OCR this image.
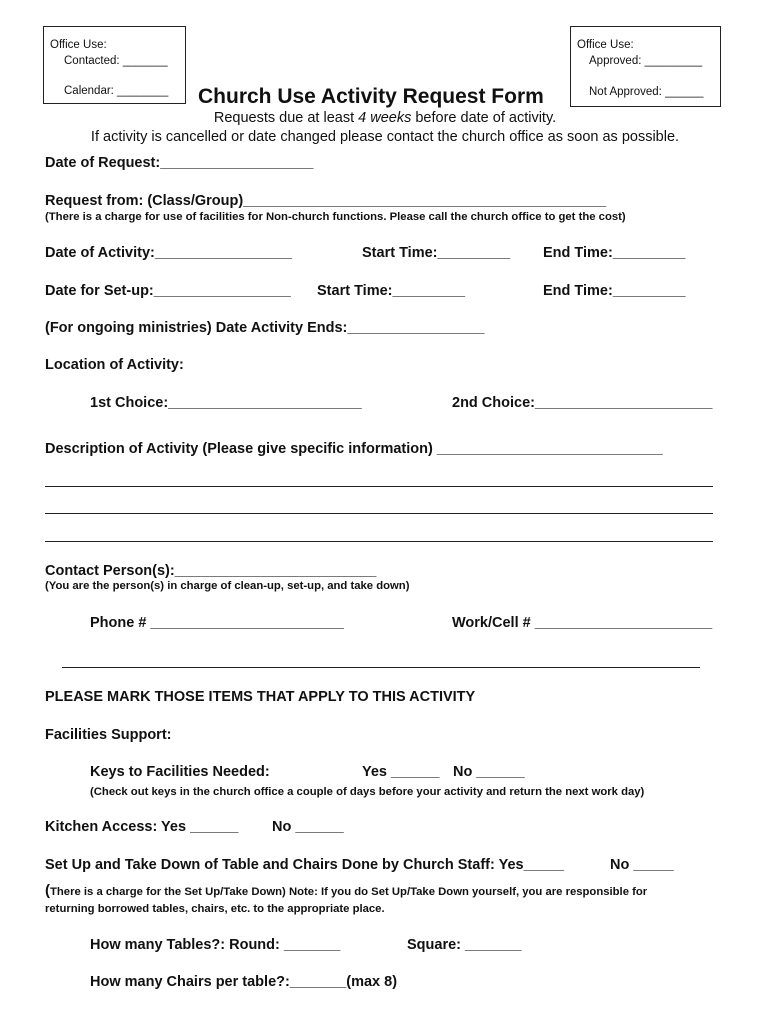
Office Use:
Contacted: _______
Calendar: ________
Office Use:
Approved: _________
Not Approved: ______
Church Use Activity Request Form
Requests due at least 4 weeks before date of activity.
If activity is cancelled or date changed please contact the church office as soon as possible.
Date of Request:___________________
Request from: (Class/Group)_____________________________________________
(There is a charge for use of facilities for Non-church functions. Please call the church office to get the cost)
Date of Activity:_________________	Start Time:_________ End Time:_________
Date for Set-up:_________________ Start Time:_________	End Time:_________
(For ongoing ministries) Date Activity Ends:_________________
Location of Activity:
1st Choice:________________________	2nd Choice:______________________
Description of Activity (Please give specific information) ____________________________
Contact Person(s):_________________________
(You are the person(s) in charge of clean-up, set-up, and take down)
Phone # ________________________	Work/Cell # ______________________
PLEASE MARK THOSE ITEMS THAT APPLY TO THIS ACTIVITY
Facilities Support:
Keys to Facilities Needed:	Yes ______ No ______
(Check out keys in the church office a couple of days before your activity and return the next work day)
Kitchen Access: Yes ______ No ______
Set Up and Take Down of Table and Chairs Done by Church Staff: Yes_____	No _____
(There is a charge for the Set Up/Take Down) Note: If you do Set Up/Take Down yourself, you are responsible for
returning borrowed tables, chairs, etc. to the appropriate place.
How many Tables?: Round: _______	Square: _______
How many Chairs per table?:_______(max 8)
